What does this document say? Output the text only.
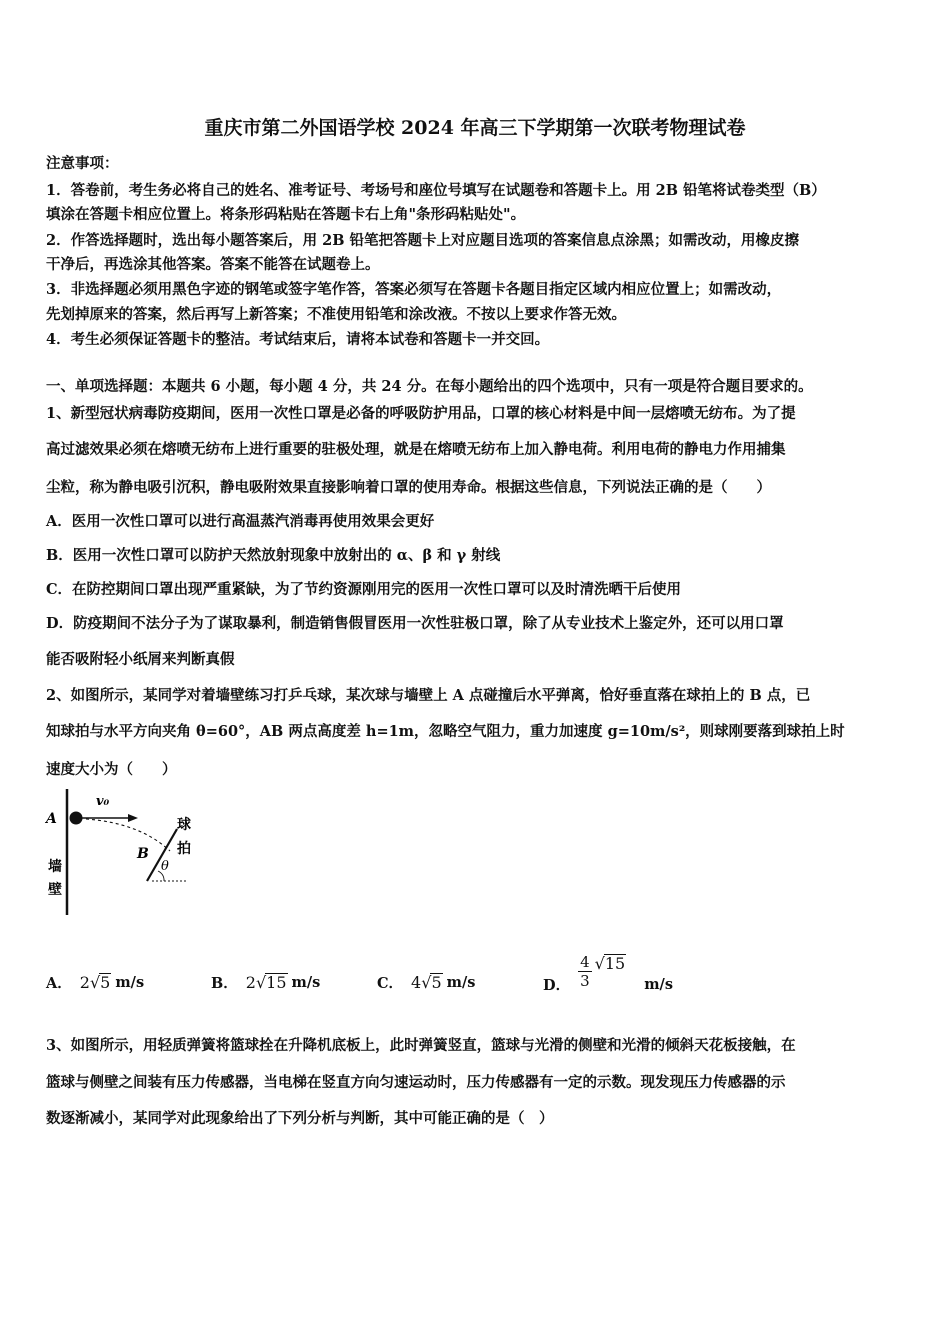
重庆市第二外国语学校 2024 年高三下学期第一次联考物理试卷
注意事项：
1．答卷前，考生务必将自己的姓名、准考证号、考场号和座位号填写在试题卷和答题卡上。用 2B 铅笔将试卷类型（B）
填涂在答题卡相应位置上。将条形码粘贴在答题卡右上角"条形码粘贴处"。
2．作答选择题时，选出每小题答案后，用 2B 铅笔把答题卡上对应题目选项的答案信息点涂黑；如需改动，用橡皮擦
干净后，再选涂其他答案。答案不能答在试题卷上。
3．非选择题必须用黑色字迹的钢笔或签字笔作答，答案必须写在答题卡各题目指定区域内相应位置上；如需改动，
先划掉原来的答案，然后再写上新答案；不准使用铅笔和涂改液。不按以上要求作答无效。
4．考生必须保证答题卡的整洁。考试结束后，请将本试卷和答题卡一并交回。
一、单项选择题：本题共 6 小题，每小题 4 分，共 24 分。在每小题给出的四个选项中，只有一项是符合题目要求的。
1、新型冠状病毒防疫期间，医用一次性口罩是必备的呼吸防护用品，口罩的核心材料是中间一层熔喷无纺布。为了提
高过滤效果必须在熔喷无纺布上进行重要的驻极处理，就是在熔喷无纺布上加入静电荷。利用电荷的静电力作用捕集
尘粒，称为静电吸引沉积，静电吸附效果直接影响着口罩的使用寿命。根据这些信息，下列说法正确的是（　　）
A．医用一次性口罩可以进行高温蒸汽消毒再使用效果会更好
B．医用一次性口罩可以防护天然放射现象中放射出的 α、β 和 γ 射线
C．在防控期间口罩出现严重紧缺，为了节约资源刚用完的医用一次性口罩可以及时清洗晒干后使用
D．防疫期间不法分子为了谋取暴利，制造销售假冒医用一次性驻极口罩，除了从专业技术上鉴定外，还可以用口罩
能否吸附轻小纸屑来判断真假
2、如图所示，某同学对着墙壁练习打乒乓球，某次球与墙壁上 A 点碰撞后水平弹离，恰好垂直落在球拍上的 B 点，已
知球拍与水平方向夹角 θ=60°，AB 两点高度差 h=1m，忽略空气阻力，重力加速度 g=10m/s²，则球刚要落到球拍上时
速度大小为（　　）
A
v₀
B
θ
球
拍
墙
壁
A． 2 √ 5 m/s	B． 2 √ 15 m/s	C． 4 √ 5 m/s	D． $\frac{4}{3}$ √ 15
m/s
3、如图所示，用轻质弹簧将篮球拴在升降机底板上，此时弹簧竖直，篮球与光滑的侧壁和光滑的倾斜天花板接触，在
篮球与侧壁之间装有压力传感器，当电梯在竖直方向匀速运动时，压力传感器有一定的示数。现发现压力传感器的示
数逐渐减小，某同学对此现象给出了下列分析与判断，其中可能正确的是（　）
